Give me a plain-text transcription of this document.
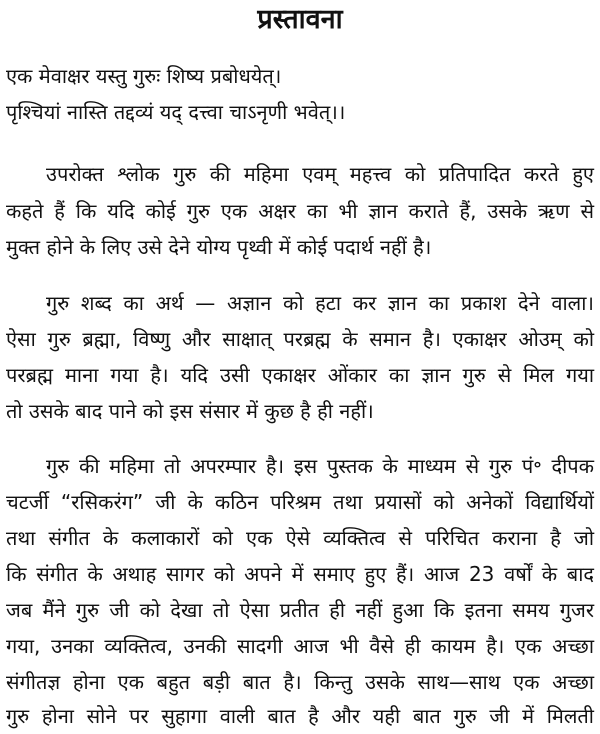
प्रस्तावना

एक मेवाक्षर यस्तु गुरुः शिष्य प्रबोधयेत्।

पृश्चियां नास्ति तद्दव्यं यद् दत्त्वा चाऽनृणी भवेत्।।

उपरोक्त श्लोक गुरु की महिमा एवम् महत्त्व को प्रतिपादित करते हुए

कहते हैं कि यदि कोई गुरु एक अक्षर का भी ज्ञान कराते हैं, उसके ऋण से

मुक्त होने के लिए उसे देने योग्य पृथ्वी में कोई पदार्थ नहीं है।

गुरु शब्द का अर्थ — अज्ञान को हटा कर ज्ञान का प्रकाश देने वाला।

ऐसा गुरु ब्रह्मा, विष्णु और साक्षात् परब्रह्म के समान है। एकाक्षर ओउम् को

परब्रह्म माना गया है। यदि उसी एकाक्षर ओंकार का ज्ञान गुरु से मिल गया

तो उसके बाद पाने को इस संसार में कुछ है ही नहीं।

गुरु की महिमा तो अपरम्पार है। इस पुस्तक के माध्यम से गुरु पं॰ दीपक

चटर्जी “रसिकरंग” जी के कठिन परिश्रम तथा प्रयासों को अनेकों विद्यार्थियों

तथा संगीत के कलाकारों को एक ऐसे व्यक्तित्व से परिचित कराना है जो

कि संगीत के अथाह सागर को अपने में समाए हुए हैं। आज 23 वर्षों के बाद

जब मैंने गुरु जी को देखा तो ऐसा प्रतीत ही नहीं हुआ कि इतना समय गुजर

गया, उनका व्यक्तित्व, उनकी सादगी आज भी वैसे ही कायम है। एक अच्छा

संगीतज्ञ होना एक बहुत बड़ी बात है। किन्तु उसके साथ—साथ एक अच्छा

गुरु होना सोने पर सुहागा वाली बात है और यही बात गुरु जी में मिलती
